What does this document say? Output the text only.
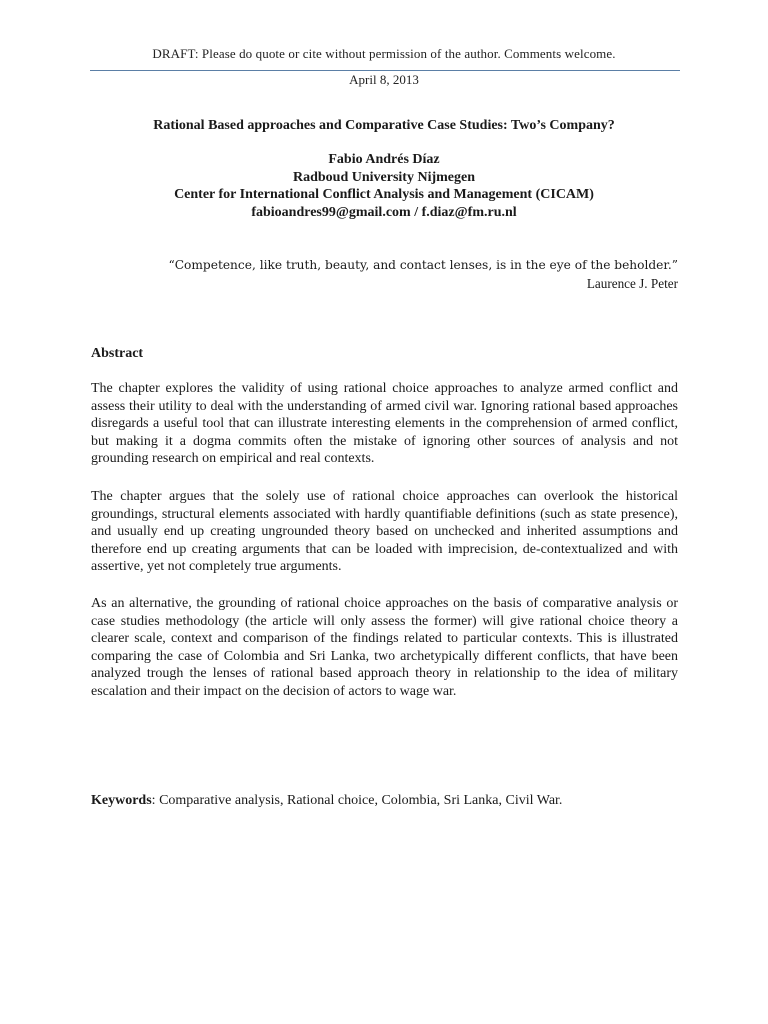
DRAFT: Please do quote or cite without permission of the author. Comments welcome.
April 8, 2013
Rational Based approaches and Comparative Case Studies: Two’s Company?
Fabio Andrés Díaz
Radboud University Nijmegen
Center for International Conflict Analysis and Management (CICAM)
fabioandres99@gmail.com / f.diaz@fm.ru.nl
“Competence, like truth, beauty, and contact lenses, is in the eye of the beholder.”
Laurence J. Peter
Abstract
The chapter explores the validity of using rational choice approaches to analyze armed conflict and assess their utility to deal with the understanding of armed civil war. Ignoring rational based approaches disregards a useful tool that can illustrate interesting elements in the comprehension of armed conflict, but making it a dogma commits often the mistake of ignoring other sources of analysis and not grounding research on empirical and real contexts.
The chapter argues that the solely use of rational choice approaches can overlook the historical groundings, structural elements associated with hardly quantifiable definitions (such as state presence), and usually end up creating ungrounded theory based on unchecked and inherited assumptions and therefore end up creating arguments that can be loaded with imprecision, de-contextualized and with assertive, yet not completely true arguments.
As an alternative, the grounding of rational choice approaches on the basis of comparative analysis or case studies methodology (the article will only assess the former) will give rational choice theory a clearer scale, context and comparison of the findings related to particular contexts. This is illustrated comparing the case of Colombia and Sri Lanka, two archetypically different conflicts, that have been analyzed trough the lenses of rational based approach theory in relationship to the idea of military escalation and their impact on the decision of actors to wage war.
Keywords: Comparative analysis, Rational choice, Colombia, Sri Lanka, Civil War.
